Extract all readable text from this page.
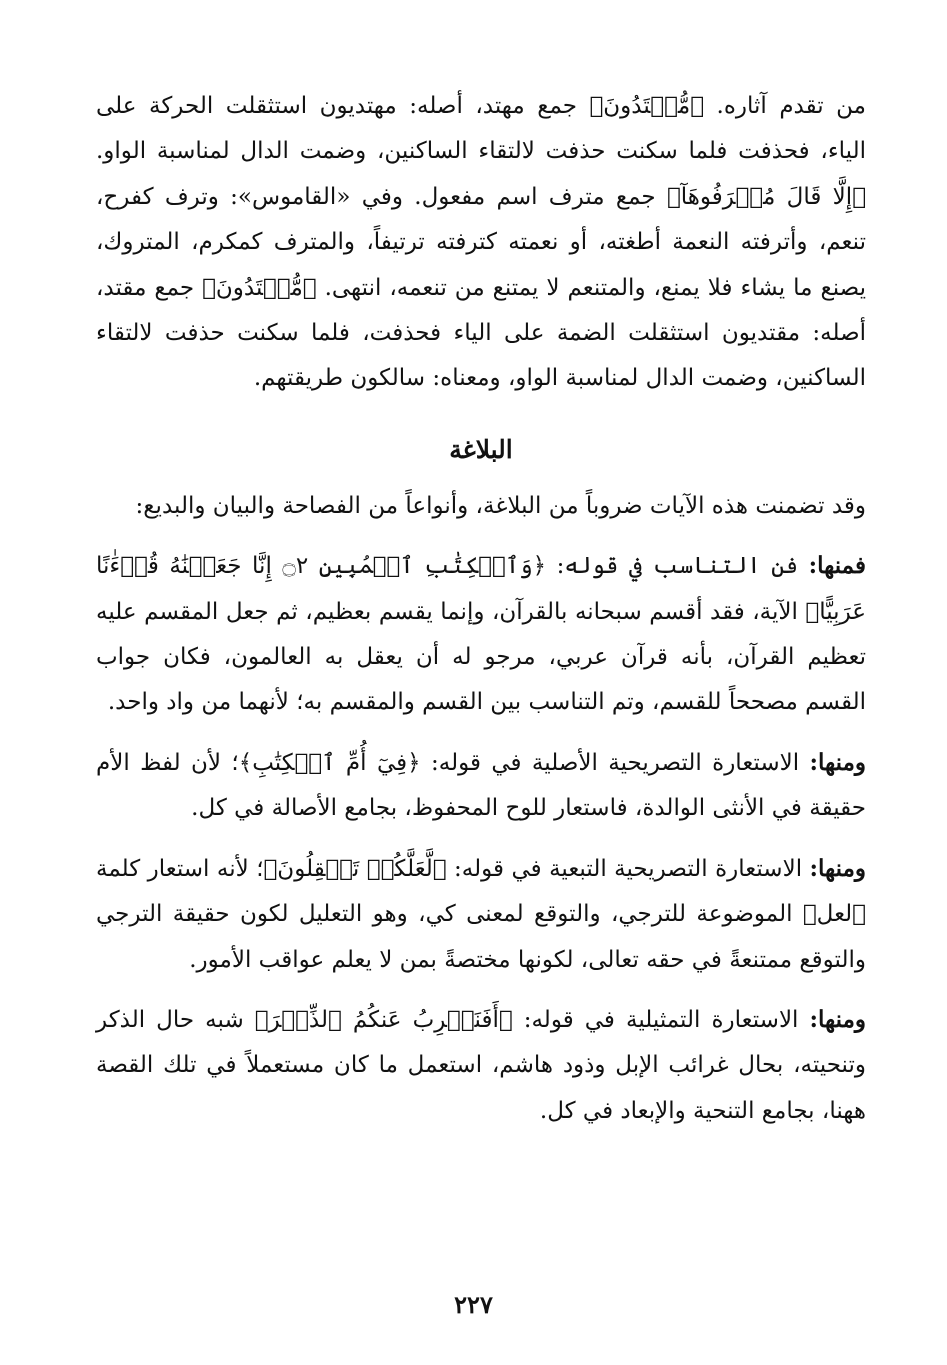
من تقدم آثاره. ﴿مُّهۡتَدُونَ﴾ جمع مهتد، أصله: مهتديون استثقلت الحركة على الياء، فحذفت فلما سكنت حذفت لالتقاء الساكنين، وضمت الدال لمناسبة الواو. ﴿إِلَّا قَالَ مُتۡرَفُوهَآ﴾ جمع مترف اسم مفعول. وفي «القاموس»: وترف كفرح، تنعم، وأترفته النعمة أطغته، أو نعمته كترفته ترتيفاً، والمترف كمكرم، المتروك، يصنع ما يشاء فلا يمنع، والمتنعم لا يمتنع من تنعمه، انتهى. ﴿مُّقۡتَدُونَ﴾ جمع مقتد، أصله: مقتديون استثقلت الضمة على الياء فحذفت، فلما سكنت حذفت لالتقاء الساكنين، وضمت الدال لمناسبة الواو، ومعناه: سالكون طريقتهم.

البلاغة

وقد تضمنت هذه الآيات ضروباً من البلاغة، وأنواعاً من الفصاحة والبيان والبديع:

فمنها: فن التناسب في قوله: ﴿وَٱلۡكِتَٰبِ ٱلۡمُبِينِ ۝٢ إِنَّا جَعَلۡنَٰهُ قُرۡءَٰنًا عَرَبِيًّا﴾ الآية، فقد أقسم سبحانه بالقرآن، وإنما يقسم بعظيم، ثم جعل المقسم عليه تعظيم القرآن، بأنه قرآن عربي، مرجو له أن يعقل به العالمون، فكان جواب القسم مصححاً للقسم، وتم التناسب بين القسم والمقسم به؛ لأنهما من واد واحد.

ومنها: الاستعارة التصريحية الأصلية في قوله: ﴿فِيٓ أُمِّ ٱلۡكِتَٰبِ﴾؛ لأن لفظ الأم حقيقة في الأنثى الوالدة، فاستعار للوح المحفوظ، بجامع الأصالة في كل.

ومنها: الاستعارة التصريحية التبعية في قوله: ﴿لَّعَلَّكُمۡ تَعۡقِلُونَ﴾؛ لأنه استعار كلمة ﴿لعل﴾ الموضوعة للترجي، والتوقع لمعنى كي، وهو التعليل لكون حقيقة الترجي والتوقع ممتنعةً في حقه تعالى، لكونها مختصةً بمن لا يعلم عواقب الأمور.

ومنها: الاستعارة التمثيلية في قوله: ﴿أَفَنَضۡرِبُ عَنكُمُ ٱلذِّكۡرَ﴾ شبه حال الذكر وتنحيته، بحال غرائب الإبل وذود هاشم، استعمل ما كان مستعملاً في تلك القصة ههنا، بجامع التنحية والإبعاد في كل.

٢٢٧
